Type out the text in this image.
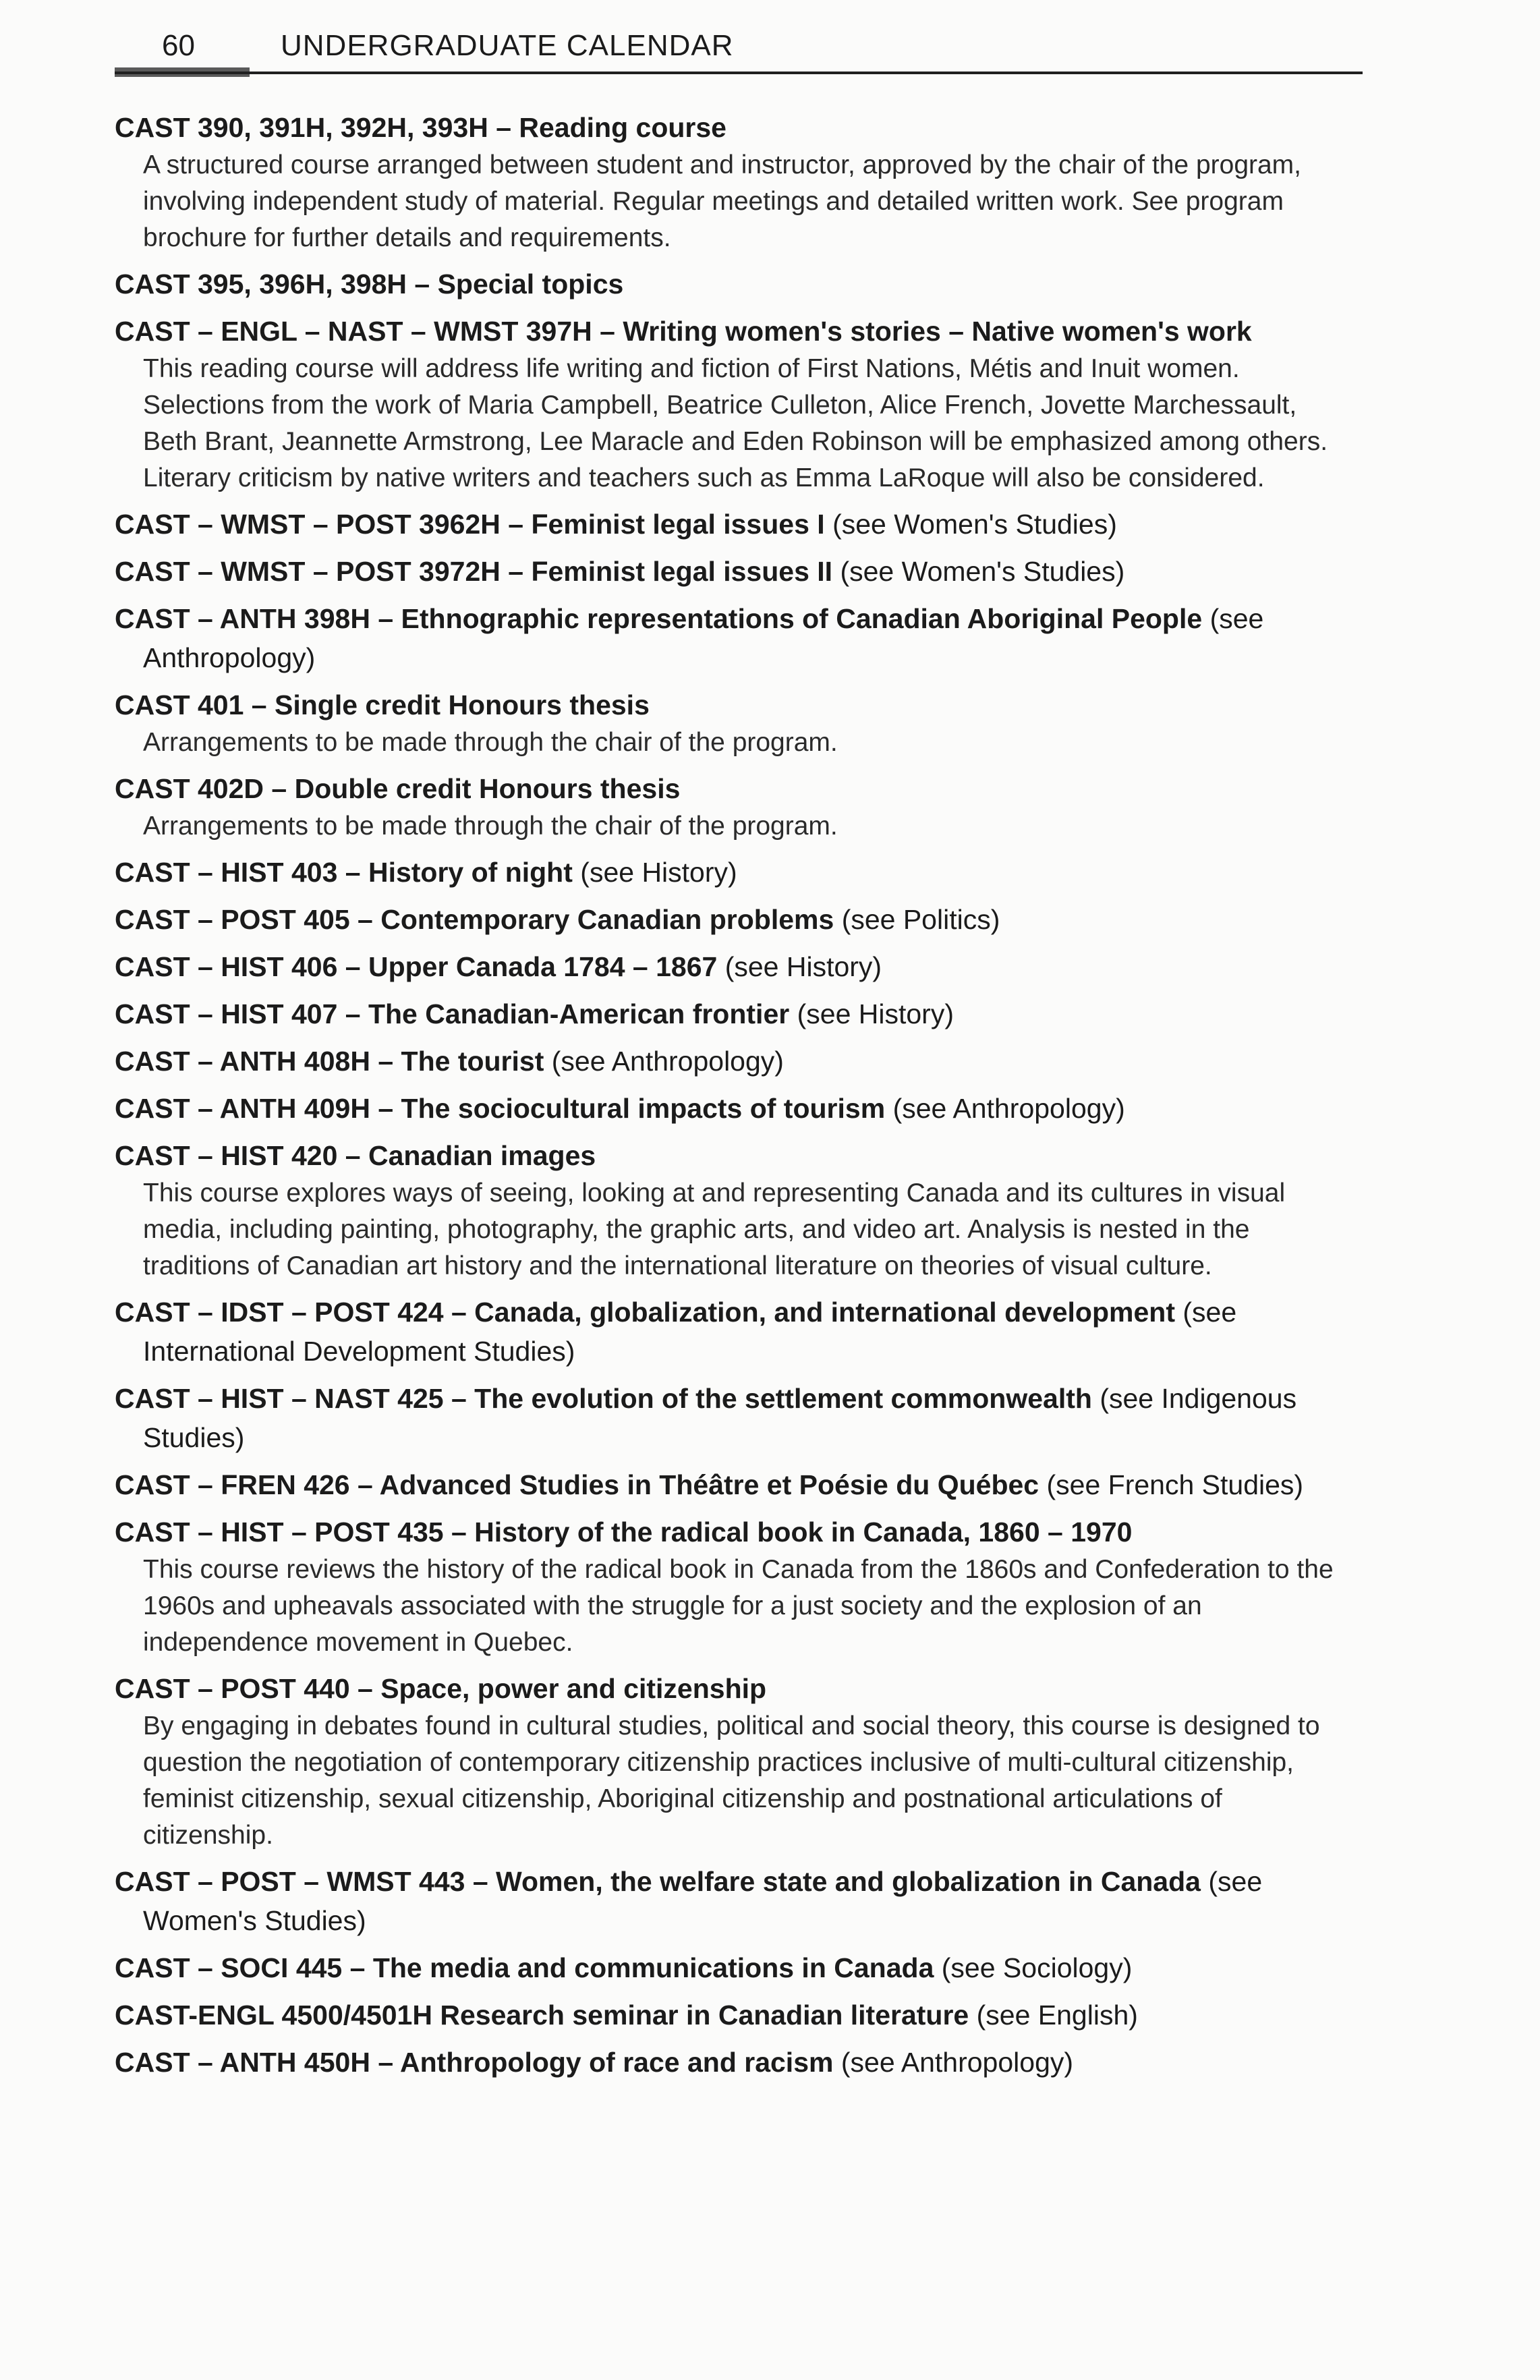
60	UNDERGRADUATE CALENDAR
CAST 390, 391H, 392H, 393H – Reading course
A structured course arranged between student and instructor, approved by the chair of the program, involving independent study of material. Regular meetings and detailed written work. See program brochure for further details and requirements.
CAST 395, 396H, 398H – Special topics
CAST – ENGL – NAST – WMST 397H – Writing women's stories – Native women's work
This reading course will address life writing and fiction of First Nations, Métis and Inuit women. Selections from the work of Maria Campbell, Beatrice Culleton, Alice French, Jovette Marchessault, Beth Brant, Jeannette Armstrong, Lee Maracle and Eden Robinson will be emphasized among others. Literary criticism by native writers and teachers such as Emma LaRoque will also be considered.
CAST – WMST – POST 3962H – Feminist legal issues I (see Women's Studies)
CAST – WMST – POST 3972H – Feminist legal issues II (see Women's Studies)
CAST – ANTH 398H – Ethnographic representations of Canadian Aboriginal People (see Anthropology)
CAST 401 – Single credit Honours thesis
Arrangements to be made through the chair of the program.
CAST 402D – Double credit Honours thesis
Arrangements to be made through the chair of the program.
CAST – HIST 403 – History of night (see History)
CAST – POST 405 – Contemporary Canadian problems (see Politics)
CAST – HIST 406 – Upper Canada 1784 – 1867 (see History)
CAST – HIST 407 – The Canadian-American frontier (see History)
CAST – ANTH 408H – The tourist (see Anthropology)
CAST – ANTH 409H – The sociocultural impacts of tourism (see Anthropology)
CAST – HIST 420 – Canadian images
This course explores ways of seeing, looking at and representing Canada and its cultures in visual media, including painting, photography, the graphic arts, and video art. Analysis is nested in the traditions of Canadian art history and the international literature on theories of visual culture.
CAST – IDST – POST 424 – Canada, globalization, and international development (see International Development Studies)
CAST – HIST – NAST 425 – The evolution of the settlement commonwealth (see Indigenous Studies)
CAST – FREN 426 – Advanced Studies in Théâtre et Poésie du Québec (see French Studies)
CAST – HIST – POST 435 – History of the radical book in Canada, 1860 – 1970
This course reviews the history of the radical book in Canada from the 1860s and Confederation to the 1960s and upheavals associated with the struggle for a just society and the explosion of an independence movement in Quebec.
CAST – POST 440 – Space, power and citizenship
By engaging in debates found in cultural studies, political and social theory, this course is designed to question the negotiation of contemporary citizenship practices inclusive of multi-cultural citizenship, feminist citizenship, sexual citizenship, Aboriginal citizenship and postnational articulations of citizenship.
CAST – POST – WMST 443 – Women, the welfare state and globalization in Canada (see Women's Studies)
CAST – SOCI 445 – The media and communications in Canada (see Sociology)
CAST-ENGL 4500/4501H Research seminar in Canadian literature (see English)
CAST – ANTH 450H – Anthropology of race and racism (see Anthropology)
